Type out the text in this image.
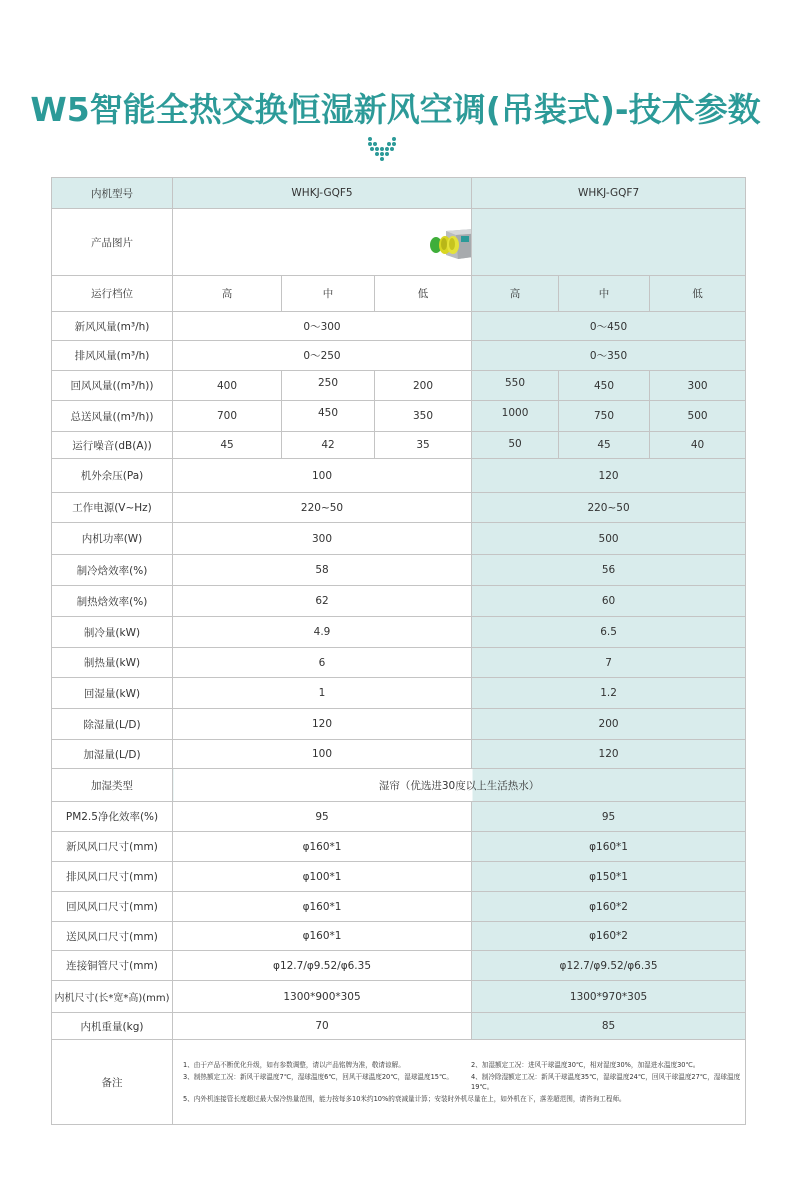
W5智能全热交换恒湿新风空调(吊装式)-技术参数
内机型号	WHKJ-GQF5			WHKJ-GQF7		
产品图片	

运行档位	高	中	低	高	中	低
新风风量(m³/h)	0～300			0～450		
排风风量(m³/h)	0～250			0～350		
回风风量((m³/h))	400	250	200	550	450	300
总送风量((m³/h))	700	450	350	1000	750	500
运行噪音(dB(A))	45	42	35	50	45	40
机外余压(Pa)	100			120		
工作电源(V~Hz)	220~50			220~50		
内机功率(W)	300			500		
制冷焓效率(%)	58			56		
制热焓效率(%)	62			60		
制冷量(kW)	4.9			6.5		
制热量(kW)	6			7		
回湿量(kW)	1			1.2		
除湿量(L/D)	120			200		
加湿量(L/D)	100			120		
加湿类型	湿帘（优选进30度以上生活热水）					
PM2.5净化效率(%)	95			95		
新风风口尺寸(mm)	φ160*1			φ160*1		
排风风口尺寸(mm)	φ100*1			φ150*1		
回风风口尺寸(mm)	φ160*1			φ160*2		
送风风口尺寸(mm)	φ160*1			φ160*2		
连接铜管尺寸(mm)	φ12.7/φ9.52/φ6.35			φ12.7/φ9.52/φ6.35		
内机尺寸(长*宽*高)(mm)	1300*900*305			1300*970*305		
内机重量(kg)	70			85		
备注	1、由于产品不断优化升级，如有参数调整，请以产品铭牌为准，敬请谅解。 2、加湿额定工况：进风干球温度30℃，相对湿度30%，加湿进水温度30℃。
3、制热额定工况：新风干球温度7℃，湿球温度6℃，回风干球温度20℃，湿球温度15℃。 4、制冷除湿额定工况：新风干球温度35℃，湿球温度24℃，回风干球温度27℃，湿球温度19℃。
5、内外机连接管长度超过最大保冷热量范围，能力按每多10米约10%的衰减量计算；安装时外机尽量在上，如外机在下，落差超范围，请咨询工程师。					
